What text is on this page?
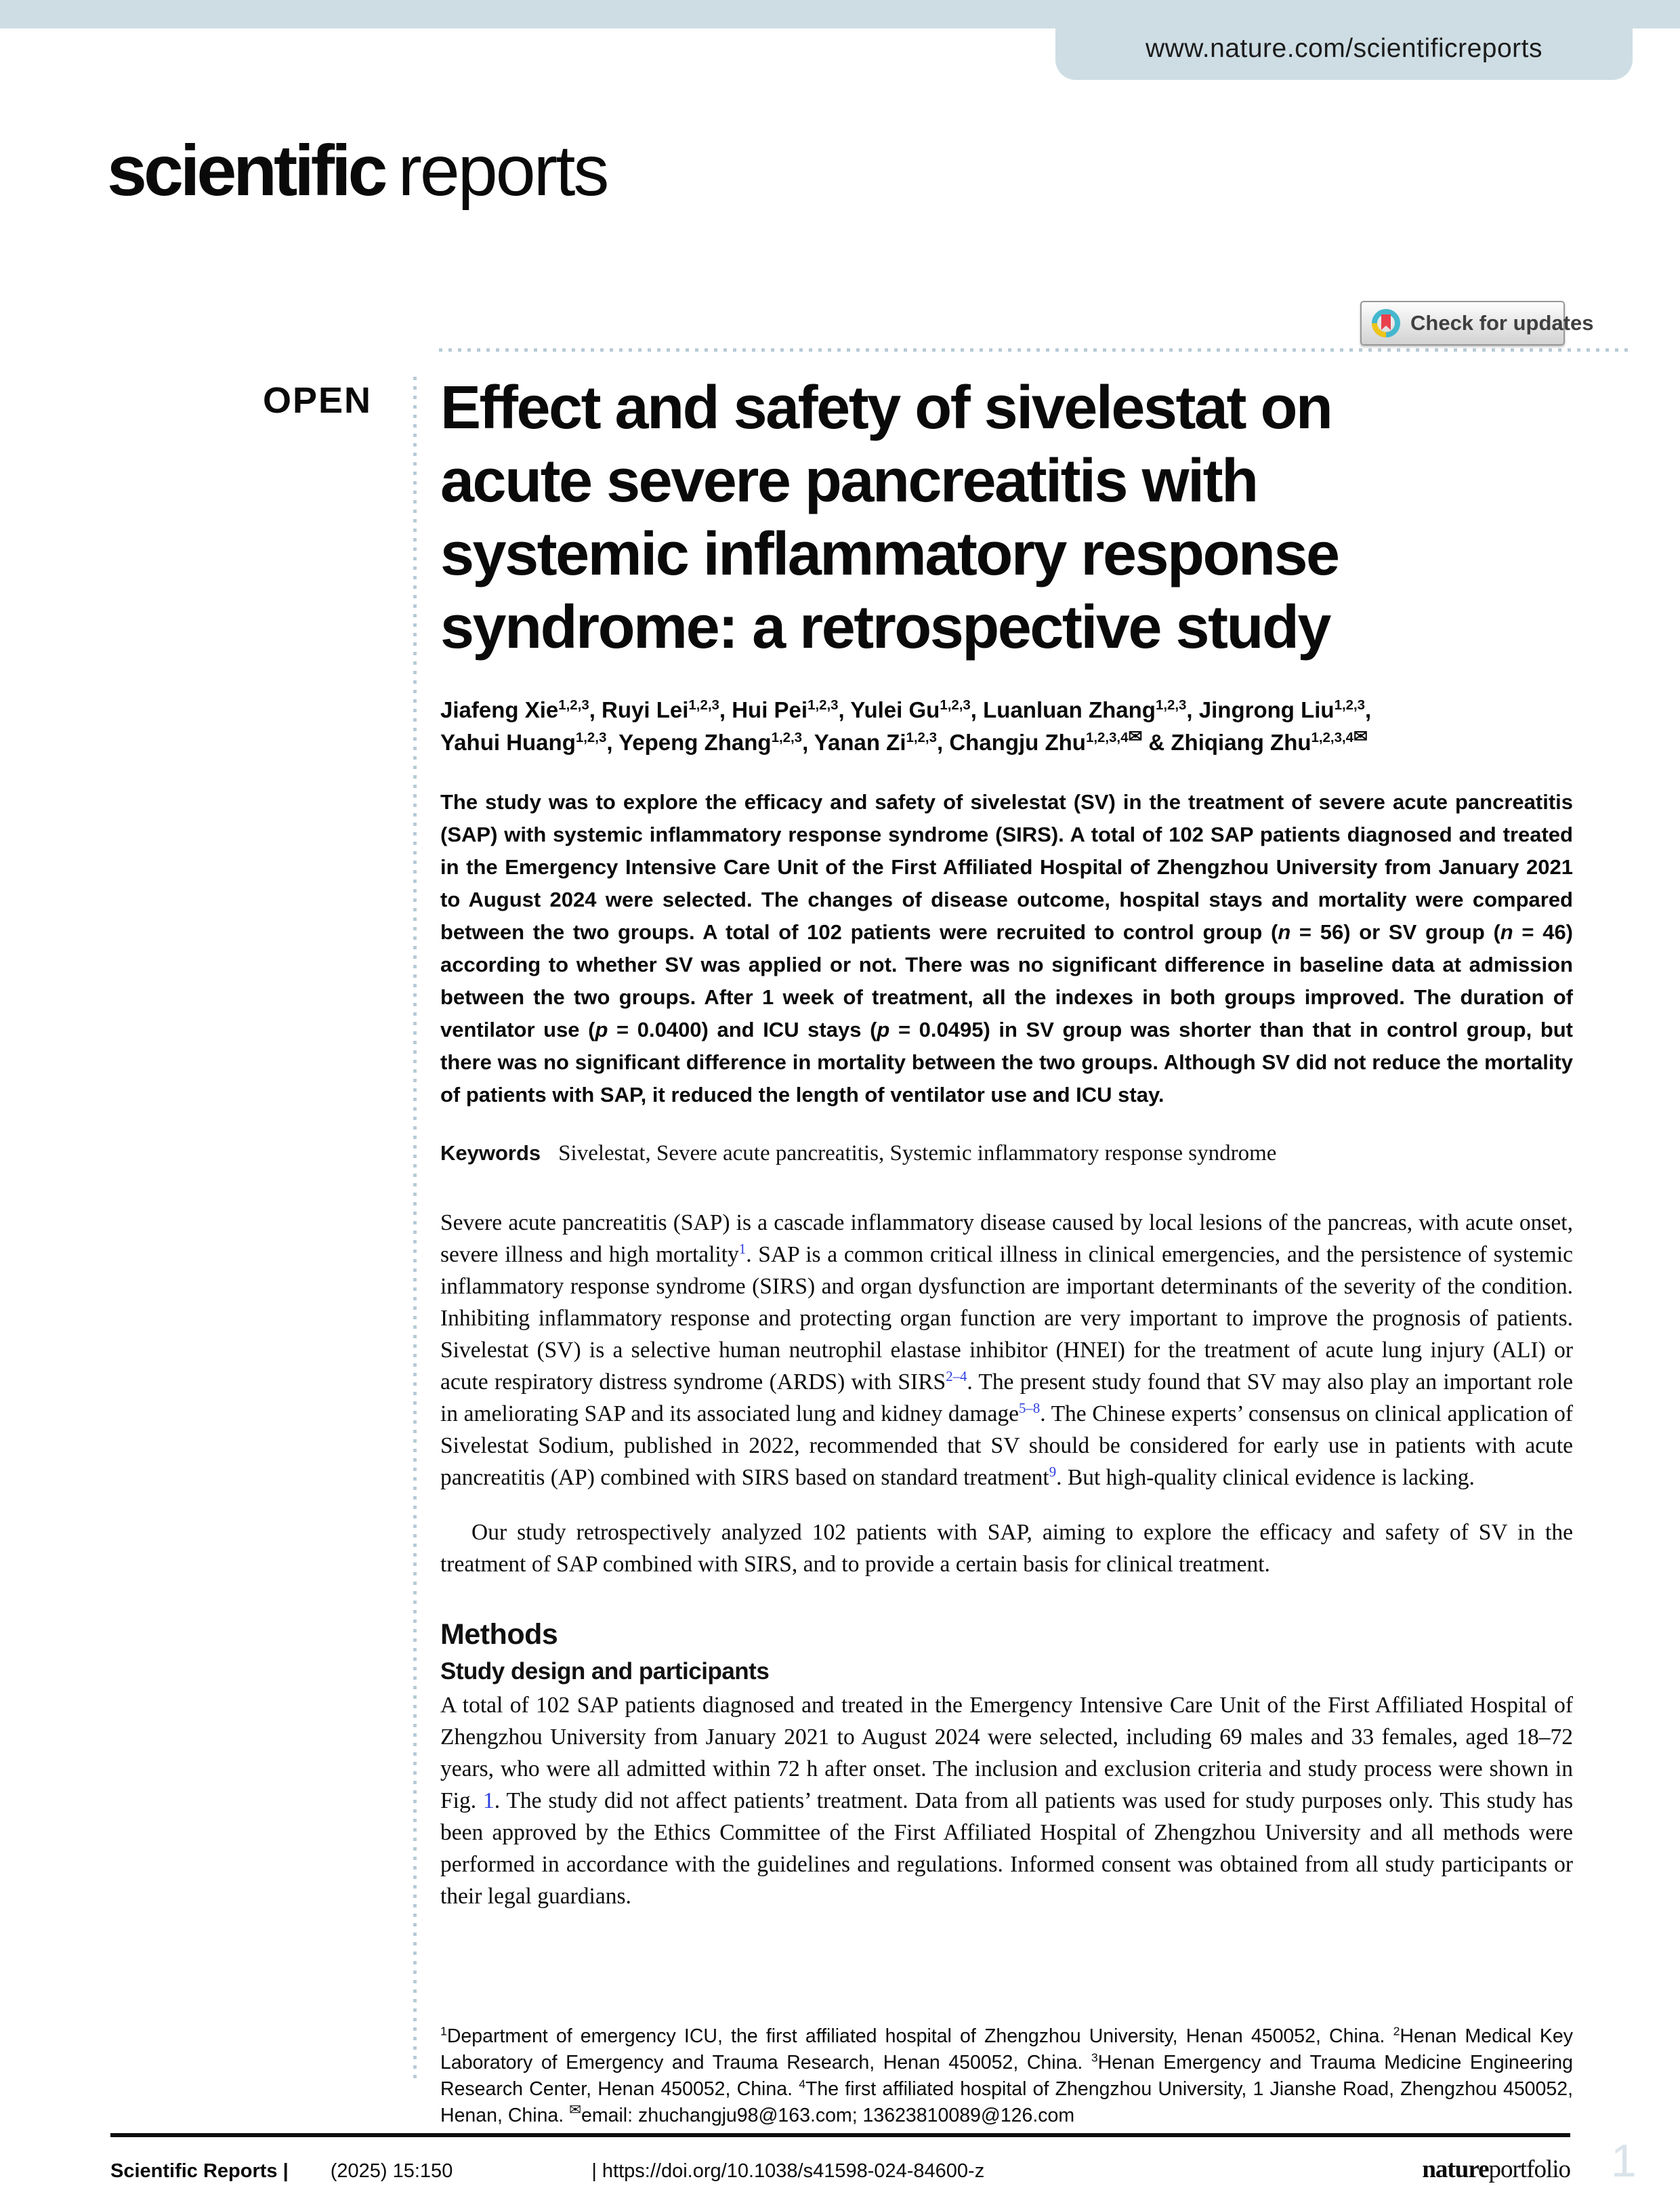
www.nature.com/scientificreports
scientific reports
Check for updates
OPEN Effect and safety of sivelestat on
acute severe pancreatitis with
systemic inflammatory response
syndrome: a retrospective study
Jiafeng Xie$^{1,2,3}$, Ruyi Lei$^{1,2,3}$, Hui Pei$^{1,2,3}$, Yulei Gu$^{1,2,3}$, Luanluan Zhang$^{1,2,3}$, Jingrong Liu$^{1,2,3}$,
Yahui Huang$^{1,2,3}$, Yepeng Zhang$^{1,2,3}$, Yanan Zi$^{1,2,3}$, Changju Zhu$^{1,2,3,4✉}$ & Zhiqiang Zhu$^{1,2,3,4✉}$
The study was to explore the efficacy and safety of sivelestat (SV) in the treatment of severe acute pancreatitis (SAP) with systemic inflammatory response syndrome (SIRS). A total of 102 SAP patients diagnosed and treated in the Emergency Intensive Care Unit of the First Affiliated Hospital of Zhengzhou University from January 2021 to August 2024 were selected. The changes of disease outcome, hospital stays and mortality were compared between the two groups. A total of 102 patients were recruited to control group (n = 56) or SV group (n = 46) according to whether SV was applied or not. There was no significant difference in baseline data at admission between the two groups. After 1 week of treatment, all the indexes in both groups improved. The duration of ventilator use (p = 0.0400) and ICU stays (p = 0.0495) in SV group was shorter than that in control group, but there was no significant difference in mortality between the two groups. Although SV did not reduce the mortality of patients with SAP, it reduced the length of ventilator use and ICU stay.
Keywords Sivelestat, Severe acute pancreatitis, Systemic inflammatory response syndrome

Severe acute pancreatitis (SAP) is a cascade inflammatory disease caused by local lesions of the pancreas, with acute onset, severe illness and high mortality$^1$. SAP is a common critical illness in clinical emergencies, and the persistence of systemic inflammatory response syndrome (SIRS) and organ dysfunction are important determinants of the severity of the condition. Inhibiting inflammatory response and protecting organ function are very important to improve the prognosis of patients. Sivelestat (SV) is a selective human neutrophil elastase inhibitor (HNEI) for the treatment of acute lung injury (ALI) or acute respiratory distress syndrome (ARDS) with SIRS$^{2-4}$. The present study found that SV may also play an important role in ameliorating SAP and its associated lung and kidney damage$^{5-8}$. The Chinese experts’ consensus on clinical application of Sivelestat Sodium, published in 2022, recommended that SV should be considered for early use in patients with acute pancreatitis (AP) combined with SIRS based on standard treatment$^9$. But high-quality clinical evidence is lacking.

Our study retrospectively analyzed 102 patients with SAP, aiming to explore the efficacy and safety of SV in the treatment of SAP combined with SIRS, and to provide a certain basis for clinical treatment.

Methods
Study design and participants

A total of 102 SAP patients diagnosed and treated in the Emergency Intensive Care Unit of the First Affiliated Hospital of Zhengzhou University from January 2021 to August 2024 were selected, including 69 males and 33 females, aged 18–72 years, who were all admitted within 72 h after onset. The inclusion and exclusion criteria and study process were shown in Fig. 1. The study did not affect patients’ treatment. Data from all patients was used for study purposes only. This study has been approved by the Ethics Committee of the First Affiliated Hospital of Zhengzhou University and all methods were performed in accordance with the guidelines and regulations. Informed consent was obtained from all study participants or their legal guardians.

$^1$Department of emergency ICU, the first affiliated hospital of Zhengzhou University, Henan 450052, China. $^2$Henan Medical Key Laboratory of Emergency and Trauma Research, Henan 450052, China. $^3$Henan Emergency and Trauma Medicine Engineering Research Center, Henan 450052, China. $^4$The first affiliated hospital of Zhengzhou University, 1 Jianshe Road, Zhengzhou 450052, Henan, China. ✉email: zhuchangju98@163.com; 13623810089@126.com
Scientific Reports | (2025) 15:150	| https://doi.org/10.1038/s41598-024-84600-z	natureportfolio 1
